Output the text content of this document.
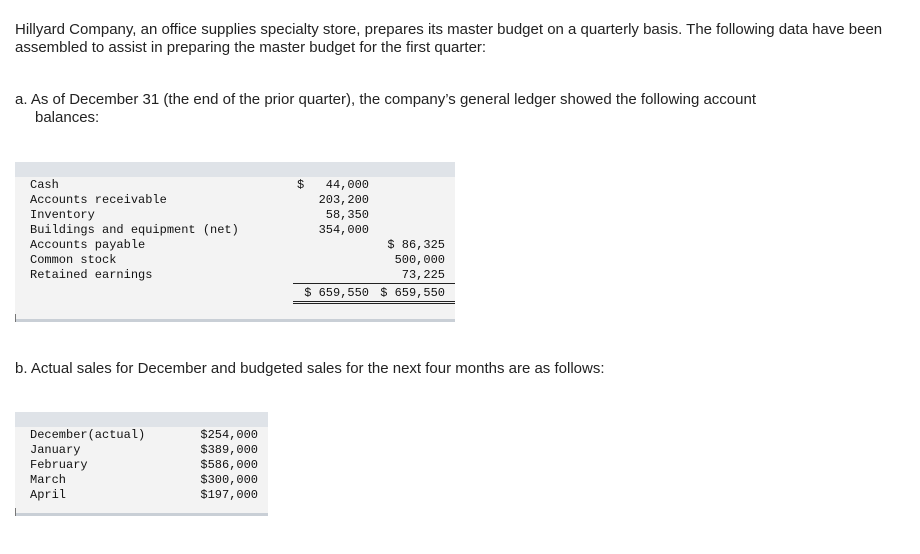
Hillyard Company, an office supplies specialty store, prepares its master budget on a quarterly basis. The following data have been assembled to assist in preparing the master budget for the first quarter:

a. As of December 31 (the end of the prior quarter), the company’s general ledger showed the following account
balances:

Cash
Accounts receivable
Inventory
Buildings and equipment (net)
Accounts payable
Common stock
Retained earnings
$   44,000
203,200
58,350
354,000
$ 86,325
500,000
73,225
$ 659,550 $ 659,550

b. Actual sales for December and budgeted sales for the next four months are as follows:

December(actual)
January
February
March
April
$254,000
$389,000
$586,000
$300,000
$197,000
